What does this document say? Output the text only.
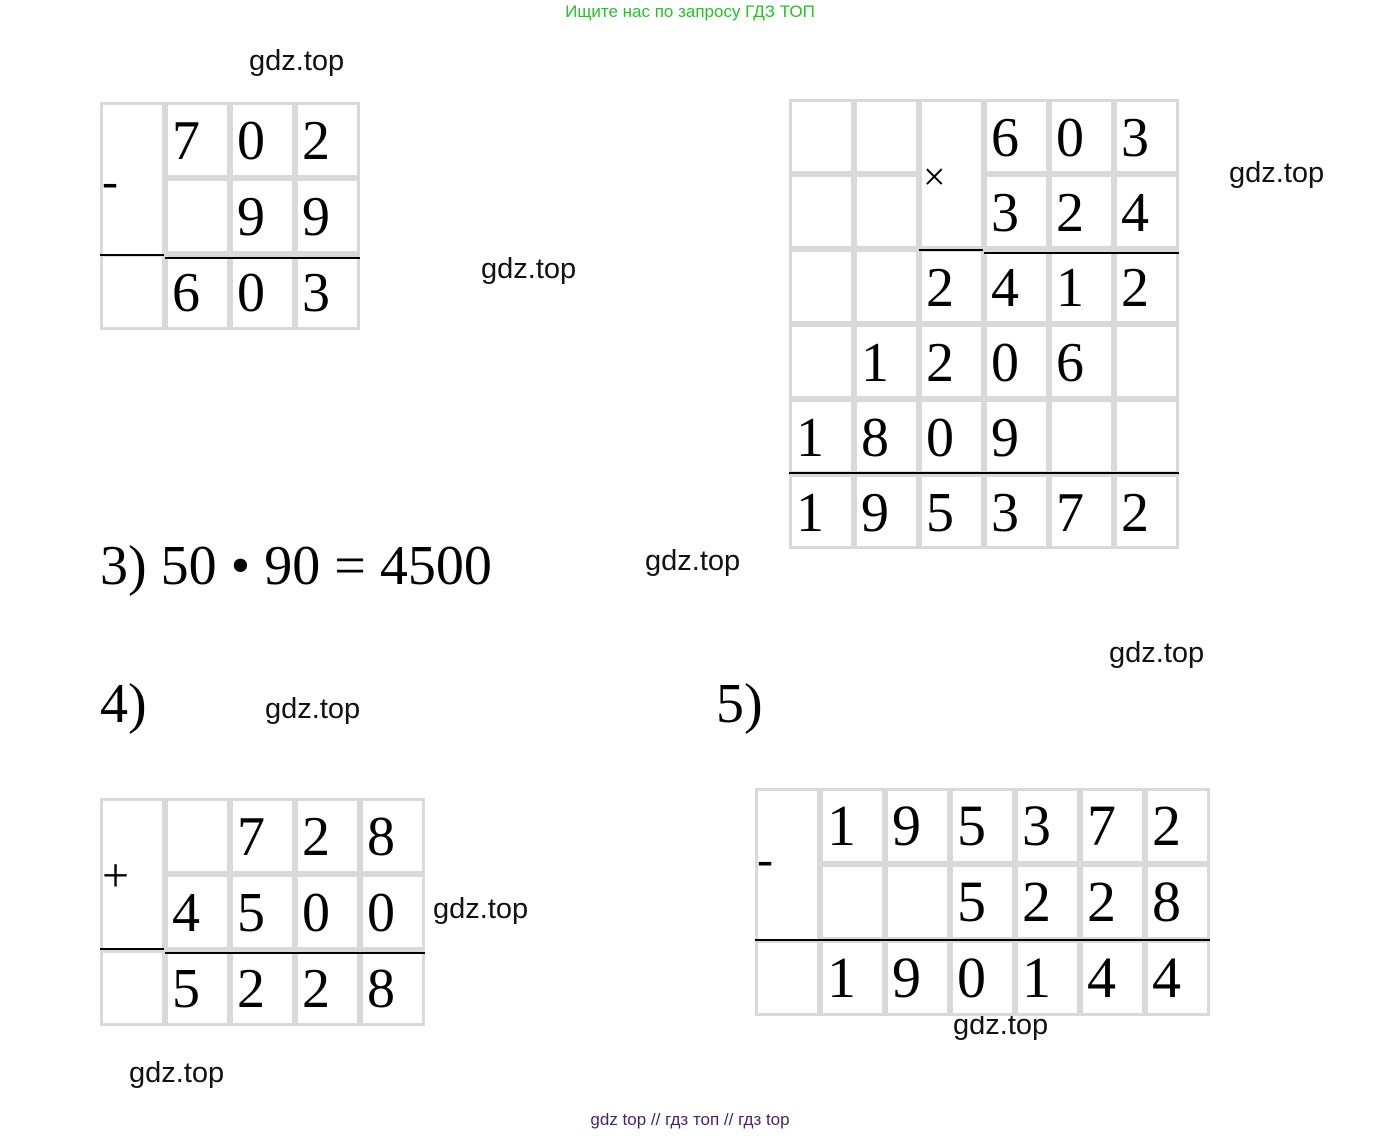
Ищите нас по запросу ГДЗ ТОП
gdz.top
gdz.top
gdz.top
gdz.top
gdz.top
gdz.top
gdz.top
gdz.top
gdz.top
3
0
6
9
9
2
0
7
-
2
7
3
5
9
1
9
0
8
1
6
0
2
1
2
1
4
2
4
2
3
3
0
6
×
3) 50 • 90 = 4500
4)	5)
8
2
2
5
0
0
5
4
8
2
7
+
4
4
1
0
9
1
8
2
2
5
2
7
3
5
9
1
-
gdz top // гдз топ // гдз top
